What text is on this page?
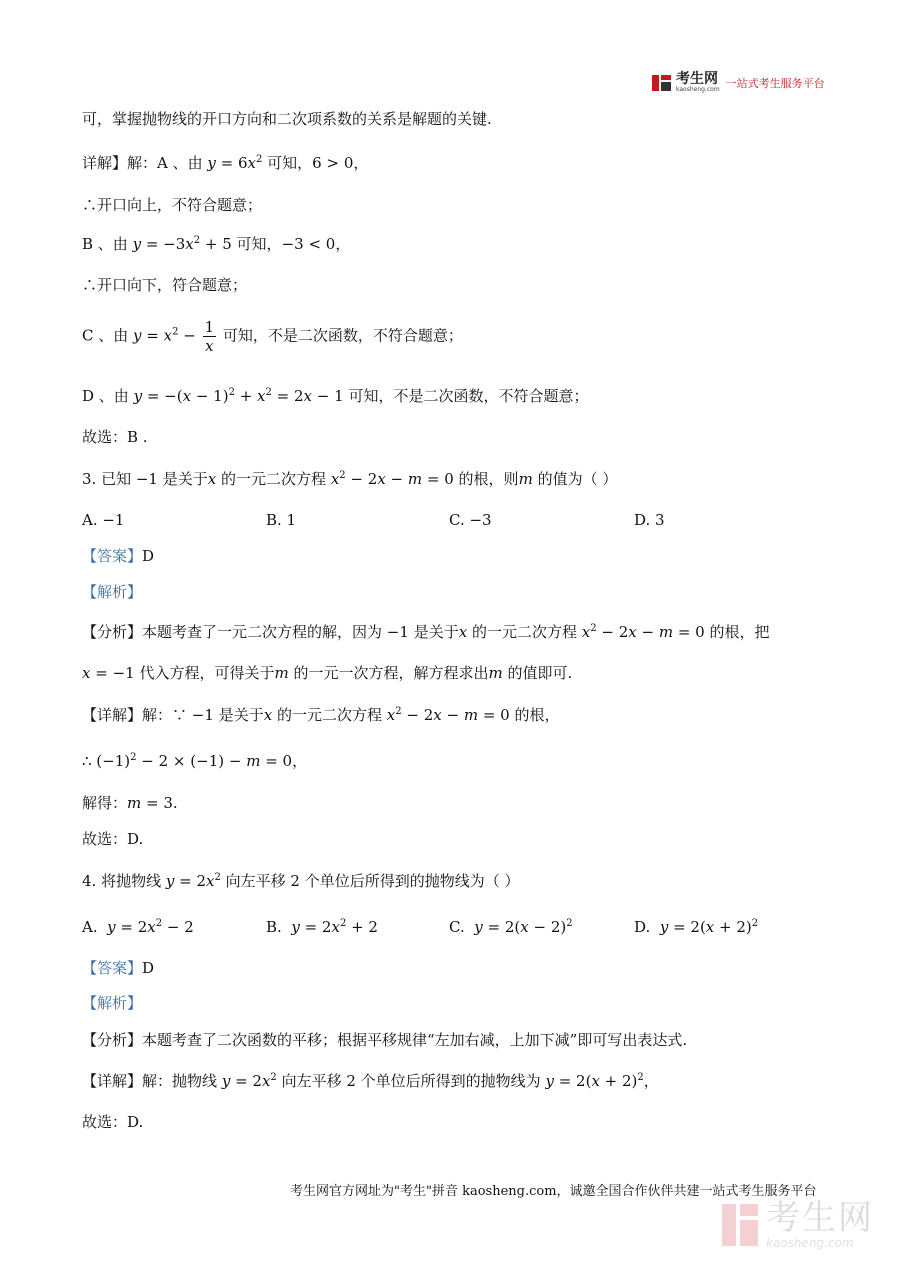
考生网
kaosheng.com 一站式考生服务平台
可，掌握抛物线的开口方向和二次项系数的关系是解题的关键.
详解】解：A 、由 $y = 6x^2$ 可知，6 > 0，
∴开口向上，不符合题意；
B 、由 $y = -3x^2 + 5$ 可知，−3 < 0，
∴开口向下，符合题意；
C 、由 $y = x^2 - \frac{1}{x}$ 可知，不是二次函数，不符合题意；
D 、由 $y = -(x - 1)^2 + x^2 = 2x - 1$ 可知，不是二次函数，不符合题意；
故选：B .
3. 已知 −1 是关于x 的一元二次方程 $x^2 - 2x - m = 0$ 的根，则m 的值为（ ）
A. −1	B. 1	C. −3	D. 3
【答案】D
【解析】
【分析】本题考查了一元二次方程的解，因为 −1 是关于x 的一元二次方程 $x^2 - 2x - m = 0$ 的根，把
x = −1 代入方程，可得关于m 的一元一次方程，解方程求出m 的值即可.
【详解】解：∵ −1 是关于x 的一元二次方程 $x^2 - 2x - m = 0$ 的根，
∴ $(-1)^2 - 2 \times (-1) - m = 0$，
解得：m = 3.
故选：D.
4. 将抛物线 $y = 2x^2$ 向左平移 2 个单位后所得到的抛物线为（ ）
A. $y = 2x^2 - 2$	B. $y = 2x^2 + 2$	C. $y = 2(x - 2)^2$	D. $y = 2(x + 2)^2$
【答案】D
【解析】
【分析】本题考查了二次函数的平移；根据平移规律“左加右减，上加下减”即可写出表达式.
【详解】解：抛物线 $y = 2x^2$ 向左平移 2 个单位后所得到的抛物线为 $y = 2(x + 2)^2$，
故选：D.
考生网官方网址为"考生"拼音 kaosheng.com，诚邀全国合作伙伴共建一站式考生服务平台
考生网
kaosheng.com
